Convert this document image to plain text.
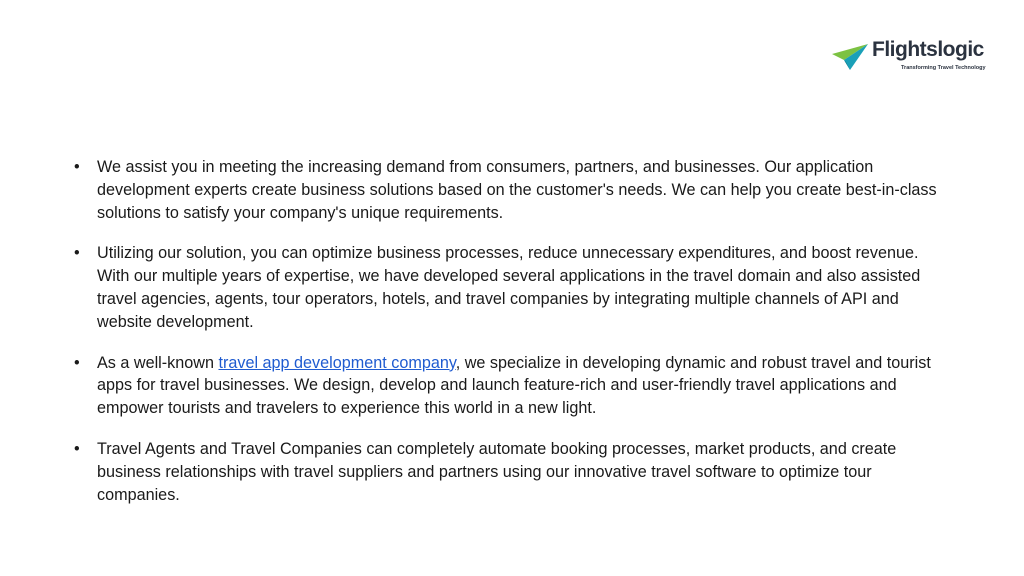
Flightslogic
Transforming Travel Technology
• We assist you in meeting the increasing demand from consumers, partners, and businesses. Our application development experts create business solutions based on the customer's needs. We can help you create best-in-class solutions to satisfy your company's unique requirements.
• Utilizing our solution, you can optimize business processes, reduce unnecessary expenditures, and boost revenue. With our multiple years of expertise, we have developed several applications in the travel domain and also assisted travel agencies, agents, tour operators, hotels, and travel companies by integrating multiple channels of API and website development.
• As a well-known travel app development company, we specialize in developing dynamic and robust travel and tourist apps for travel businesses. We design, develop and launch feature-rich and user-friendly travel applications and empower tourists and travelers to experience this world in a new light.
• Travel Agents and Travel Companies can completely automate booking processes, market products, and create business relationships with travel suppliers and partners using our innovative travel software to optimize tour companies.
